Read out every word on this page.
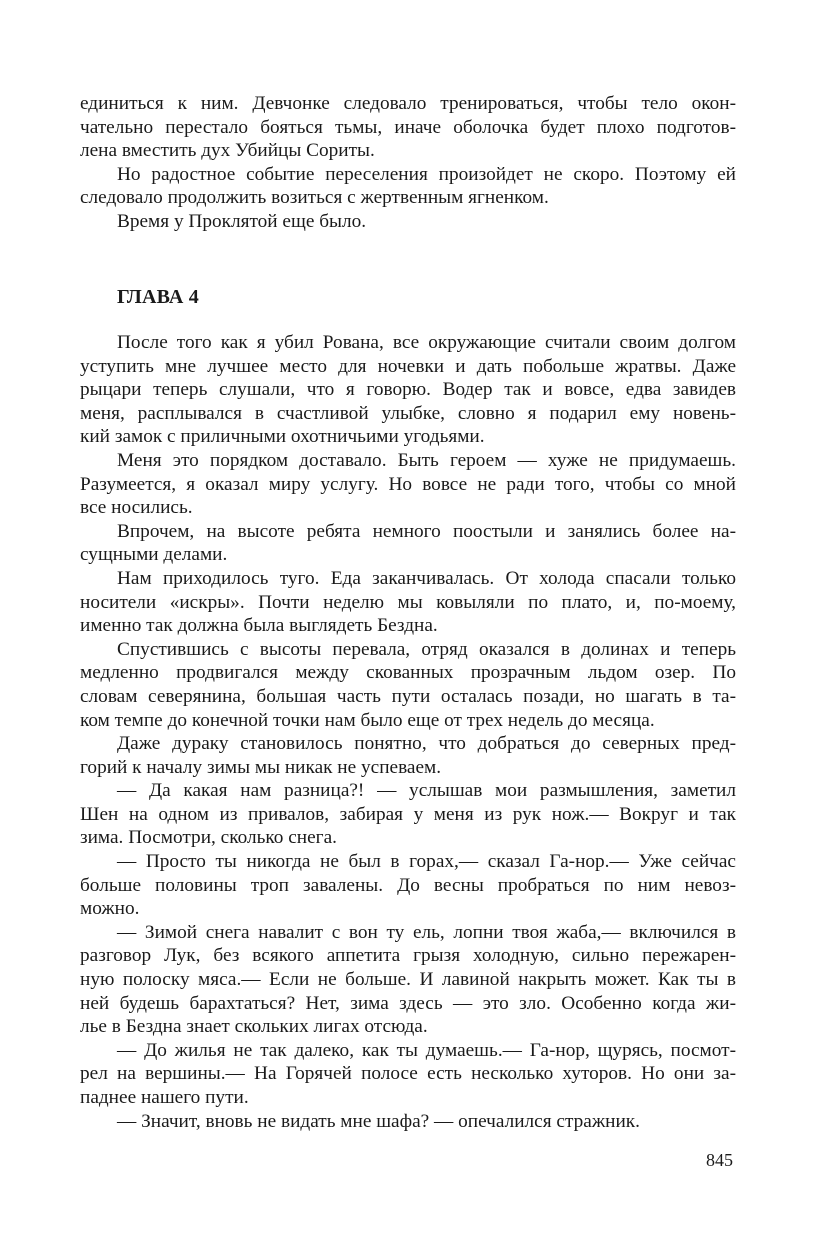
единиться к ним. Девчонке следовало тренироваться, чтобы тело окон-
чательно перестало бояться тьмы, иначе оболочка будет плохо подготов-
лена вместить дух Убийцы Сориты.
Но радостное событие переселения произойдет не скоро. Поэтому ей
следовало продолжить возиться с жертвенным ягненком.
Время у Проклятой еще было.
ГЛАВА 4
После того как я убил Рована, все окружающие считали своим долгом
уступить мне лучшее место для ночевки и дать побольше жратвы. Даже
рыцари теперь слушали, что я говорю. Водер так и вовсе, едва завидев
меня, расплывался в счастливой улыбке, словно я подарил ему новень-
кий замок с приличными охотничьими угодьями.
Меня это порядком доставало. Быть героем — хуже не придумаешь.
Разумеется, я оказал миру услугу. Но вовсе не ради того, чтобы со мной
все носились.
Впрочем, на высоте ребята немного поостыли и занялись более на-
сущными делами.
Нам приходилось туго. Еда заканчивалась. От холода спасали только
носители «искры». Почти неделю мы ковыляли по плато, и, по-моему,
именно так должна была выглядеть Бездна.
Спустившись с высоты перевала, отряд оказался в долинах и теперь
медленно продвигался между скованных прозрачным льдом озер. По
словам северянина, большая часть пути осталась позади, но шагать в та-
ком темпе до конечной точки нам было еще от трех недель до месяца.
Даже дураку становилось понятно, что добраться до северных пред-
горий к началу зимы мы никак не успеваем.
— Да какая нам разница?! — услышав мои размышления, заметил
Шен на одном из привалов, забирая у меня из рук нож.— Вокруг и так
зима. Посмотри, сколько снега.
— Просто ты никогда не был в горах,— сказал Га-нор.— Уже сейчас
больше половины троп завалены. До весны пробраться по ним невоз-
можно.
— Зимой снега навалит с вон ту ель, лопни твоя жаба,— включился в
разговор Лук, без всякого аппетита грызя холодную, сильно пережарен-
ную полоску мяса.— Если не больше. И лавиной накрыть может. Как ты в
ней будешь барахтаться? Нет, зима здесь — это зло. Особенно когда жи-
лье в Бездна знает скольких лигах отсюда.
— До жилья не так далеко, как ты думаешь.— Га-нор, щурясь, посмот-
рел на вершины.— На Горячей полосе есть несколько хуторов. Но они за-
паднее нашего пути.
— Значит, вновь не видать мне шафа? — опечалился стражник.

845
